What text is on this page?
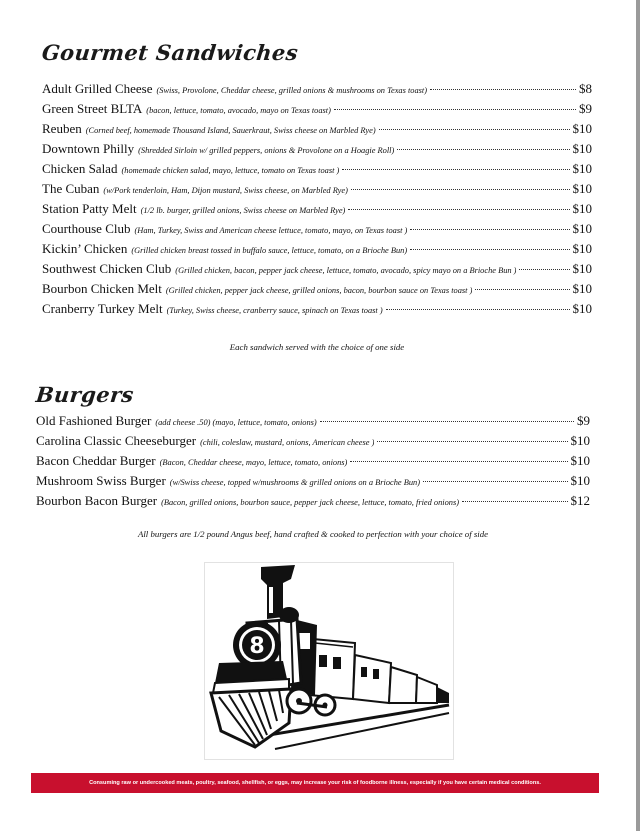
Gourmet Sandwiches
Adult Grilled Cheese (Swiss, Provolone, Cheddar cheese, grilled onions & mushrooms on Texas toast)	$8
Green Street BLTA (bacon, lettuce, tomato, avocado, mayo on Texas toast)	$9
Reuben (Corned beef, homemade Thousand Island, Sauerkraut, Swiss cheese on Marbled Rye)	$10
Downtown Philly (Shredded Sirloin w/ grilled peppers, onions & Provolone on a Hoagie Roll)	$10
Chicken Salad (homemade chicken salad, mayo, lettuce, tomato on Texas toast )	$10
The Cuban (w/Pork tenderloin, Ham, Dijon mustard, Swiss cheese, on Marbled Rye)	$10
Station Patty Melt (1/2 lb. burger, grilled onions, Swiss cheese on Marbled Rye)	$10
Courthouse Club (Ham, Turkey, Swiss and American cheese lettuce, tomato, mayo, on Texas toast )	$10
Kickin’ Chicken (Grilled chicken breast tossed in buffalo sauce, lettuce, tomato, on a Brioche Bun)	$10
Southwest Chicken Club (Grilled chicken, bacon, pepper jack cheese, lettuce, tomato, avocado, spicy mayo on a Brioche Bun )	$10
Bourbon Chicken Melt (Grilled chicken, pepper jack cheese, grilled onions, bacon, bourbon sauce on Texas toast )	$10
Cranberry Turkey Melt (Turkey, Swiss cheese, cranberry sauce, spinach on Texas toast )	$10
Each sandwich served with the choice of one side
Burgers
Old Fashioned Burger (add cheese .50) (mayo, lettuce, tomato, onions)	$9
Carolina Classic Cheeseburger (chili, coleslaw, mustard, onions, American cheese )	$10
Bacon Cheddar Burger (Bacon, Cheddar cheese, mayo, lettuce, tomato, onions)	$10
Mushroom Swiss Burger (w/Swiss cheese, topped w/mushrooms & grilled onions on a Brioche Bun)	$10
Bourbon Bacon Burger (Bacon, grilled onions, bourbon sauce, pepper jack cheese, lettuce, tomato, fried onions)	$12
All burgers are 1/2 pound Angus beef, hand crafted & cooked to perfection with your choice of side
8
Consuming raw or undercooked meats, poultry, seafood, shellfish, or eggs, may increase your risk of foodborne illness, especially if you have certain medical conditions.
